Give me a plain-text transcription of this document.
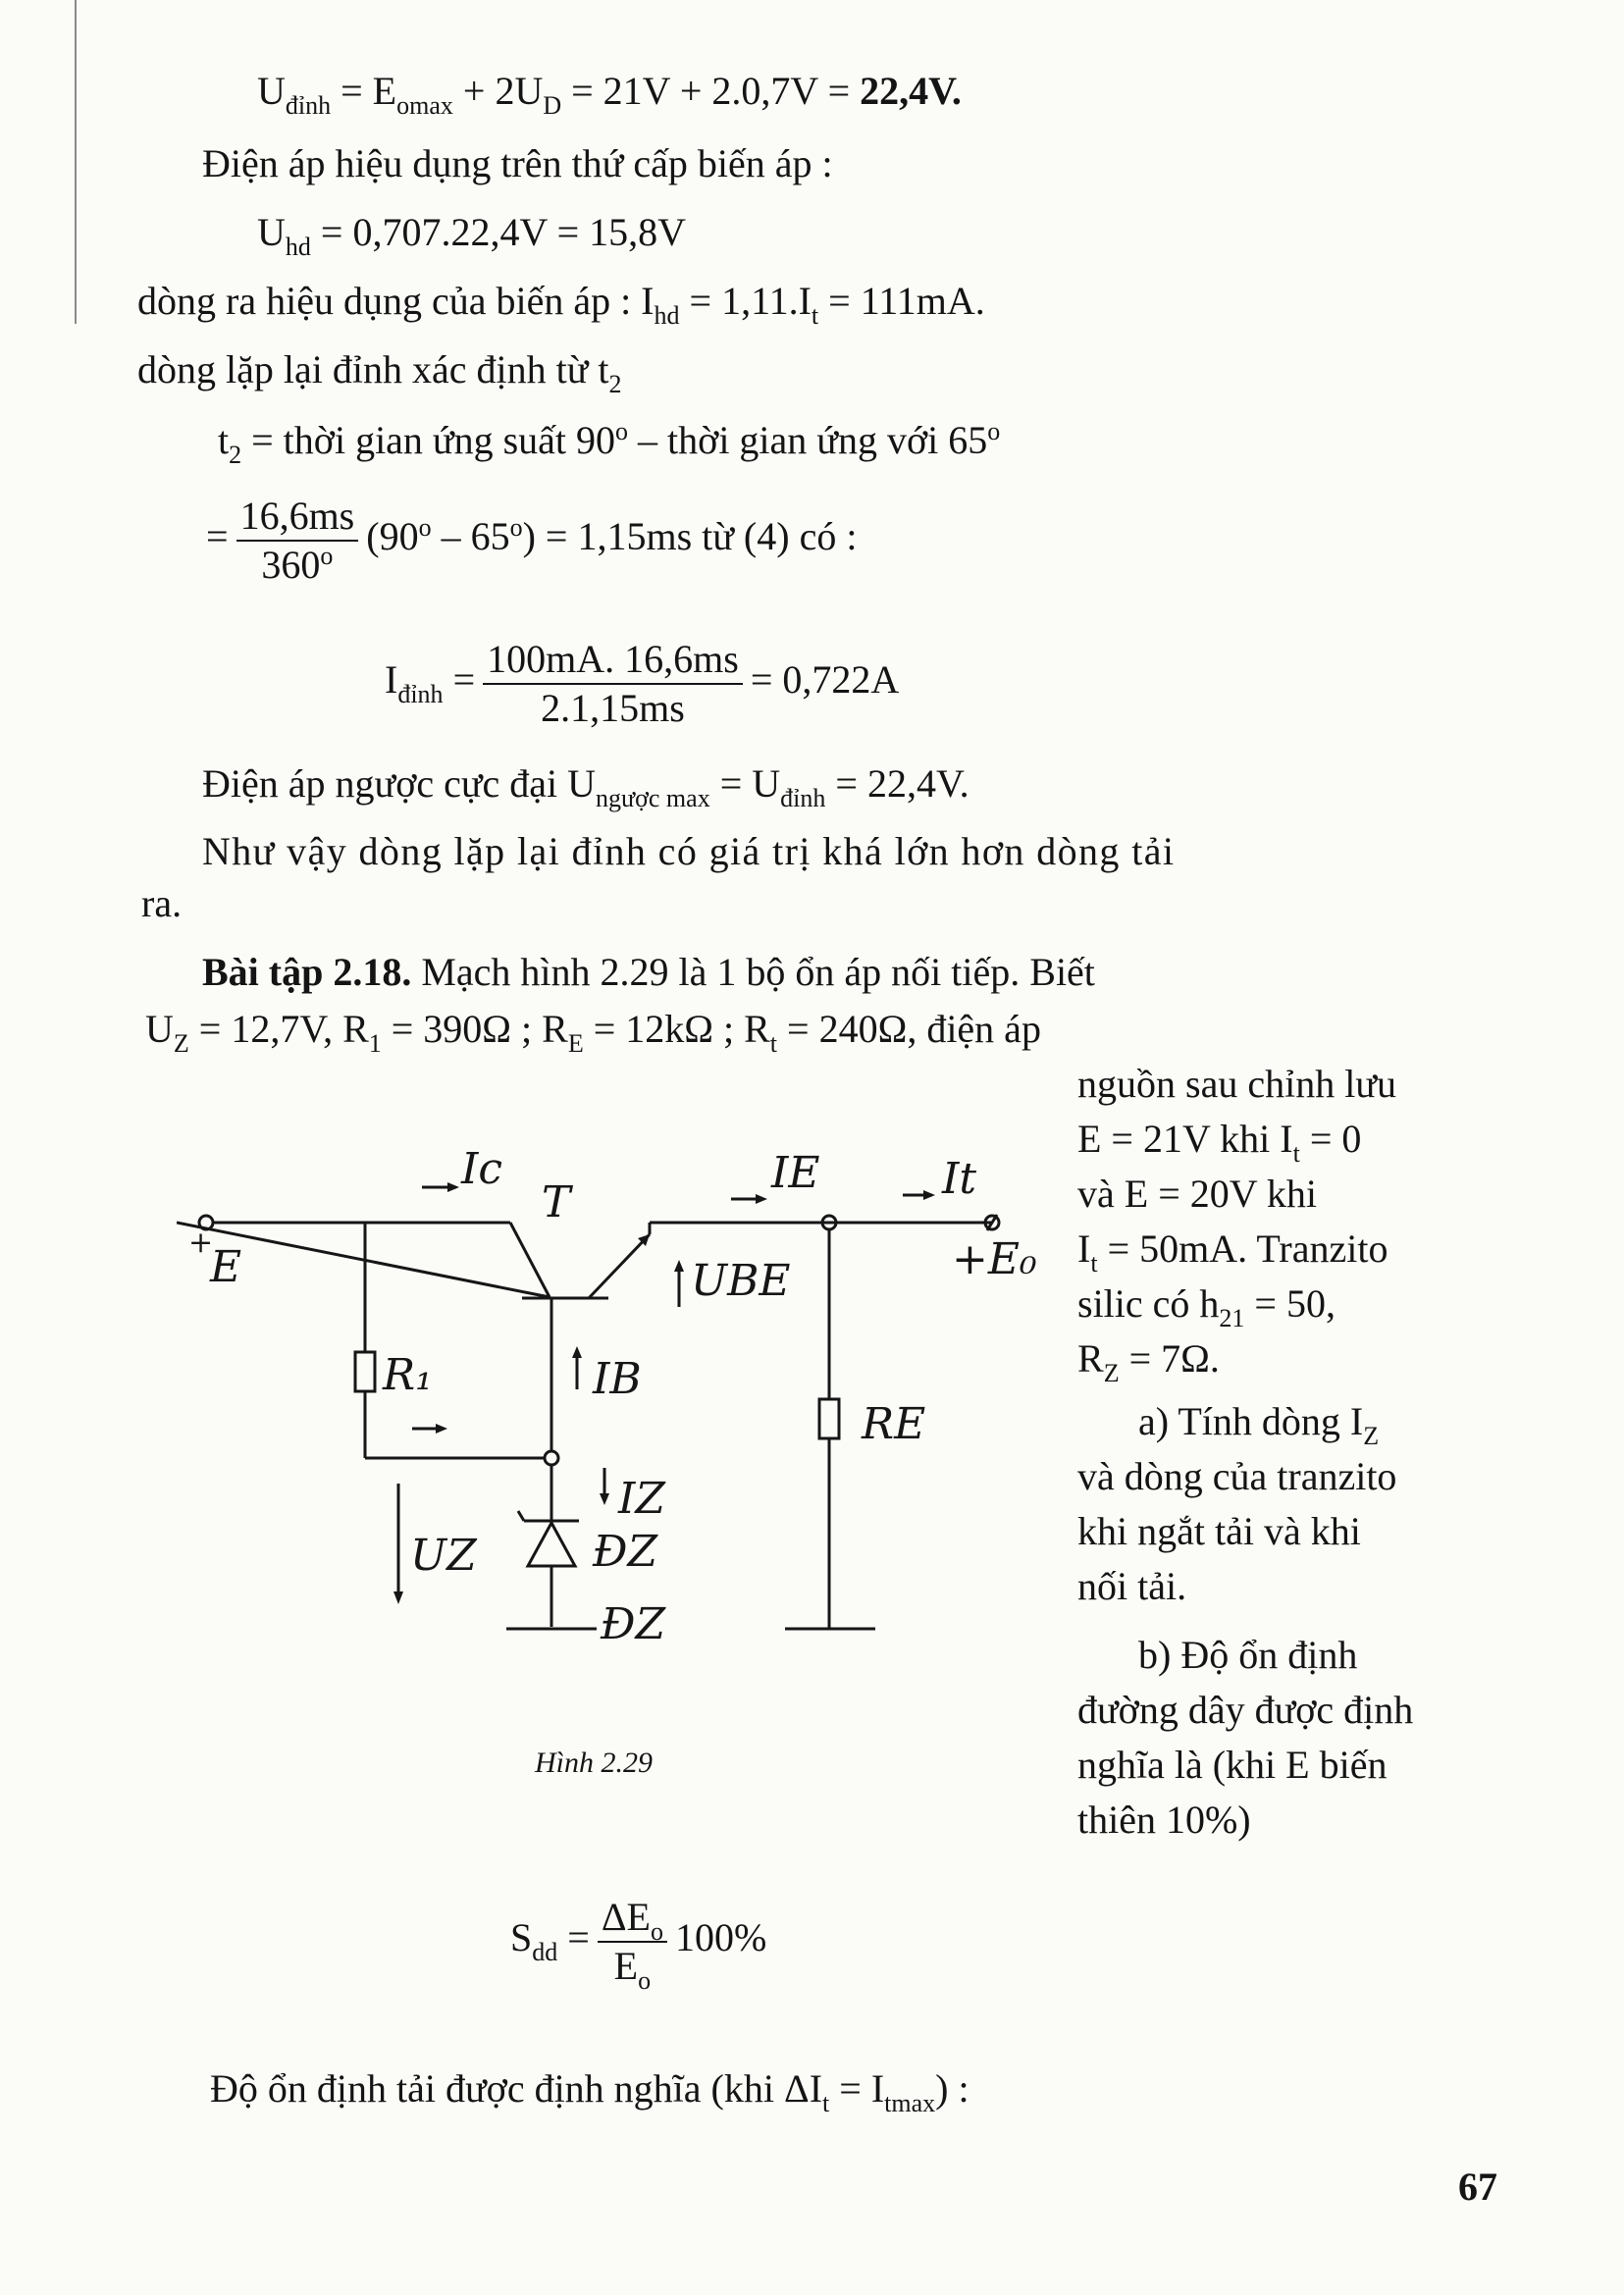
$U_{đỉnh} = E_{omax} + 2U_D = 21V + 2.0,7V = 22,4V$.
Điện áp hiệu dụng trên thứ cấp biến áp :
$U_{hd} = 0,707.22,4V = 15,8V$
dòng ra hiệu dụng của biến áp : $I_{hd} = 1,11.I_t = 111mA$.
dòng lặp lại đỉnh xác định từ $t_2$
$t_2$ = thời gian ứng suất 90$^o$ – thời gian ứng với $65^o$
= $\frac{16,6ms}{360^o} (90^o - 65^o) = 1,15ms$ từ (4) có :
$I_{đỉnh} = \frac{100mA. 16,6ms}{2.1,15ms} = 0,722A$
Điện áp ngược cực đại $U_{ngược max} = U_{đỉnh} = 22,4V$.
Như vậy dòng lặp lại đỉnh có giá trị khá lớn hơn dòng tải
ra.
Bài tập 2.18. Mạch hình 2.29 là 1 bộ ổn áp nối tiếp. Biết
$U_Z = 12,7V$, $R_1 = 390\Omega$ ; $R_E = 12k\Omega$ ; $R_t = 240\Omega$, điện áp
nguồn sau chỉnh lưu
E = 21V khi $I_t = 0$
và E = 20V khi
$I_t = 50mA$. Tranzito
silic có $h_{21} = 50$,
$R_Z = 7\Omega$.
a) Tính dòng $I_Z$
và dòng của tranzito
khi ngắt tải và khi
nối tải.
b) Độ ổn định
đường dây được định
nghĩa là (khi E biến
thiên 10%)
Ic
T
IE	It
+
E	+E₀
UBE
R₁	IB
RE
IZ
UZ	ĐZ
ĐZ
Hình 2.29
$S_{dd} = \frac{\Delta E_o}{E_o} 100\%$
Độ ổn định tải được định nghĩa (khi $\Delta I_t = I_{tmax}$) :
67
